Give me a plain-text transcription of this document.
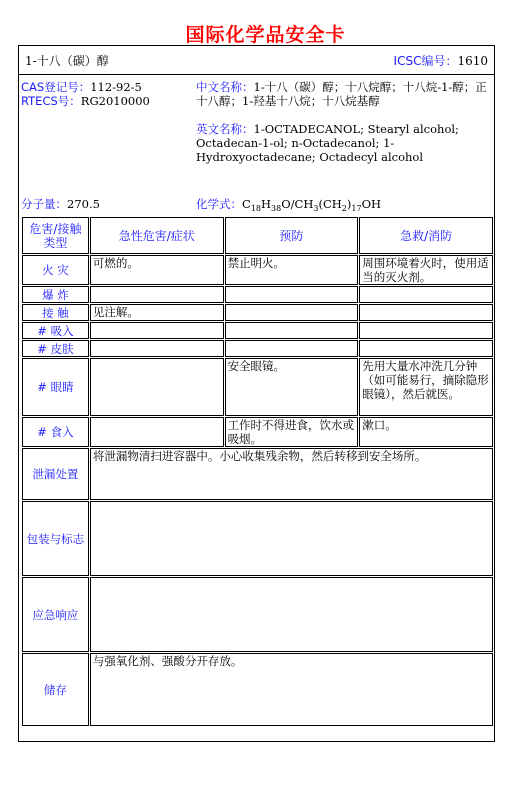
国际化学品安全卡
1-十八（碳）醇	ICSC编号：1610
CAS登记号：112-92-5
RTECS号：RG2010000
中文名称：1-十八（碳）醇；十八烷醇；十八烷-1-醇；正十八醇；1-羟基十八烷；十八烷基醇
英文名称：1-OCTADECANOL; Stearyl alcohol; Octadecan-1-ol; n-Octadecanol; 1-Hydroxyoctadecane; Octadecyl alcohol
分子量：270.5	化学式：$C_{18}H_{38}O/CH_3(CH_2)_{17}OH$
危害/接触类型	急性危害/症状	预防	急救/消防
火 灾	可燃的。	禁止明火。	周围环境着火时，使用适当的灭火剂。
爆 炸			
接 触	见注解。		
# 吸入			
# 皮肤			
# 眼睛		安全眼镜。	先用大量水冲洗几分钟（如可能易行，摘除隐形眼镜），然后就医。
# 食入		工作时不得进食，饮水或吸烟。	漱口。
泄漏处置	将泄漏物清扫进容器中。小心收集残余物，然后转移到安全场所。		
包装与标志			
应急响应			
储存	与强氧化剂、强酸分开存放。		
